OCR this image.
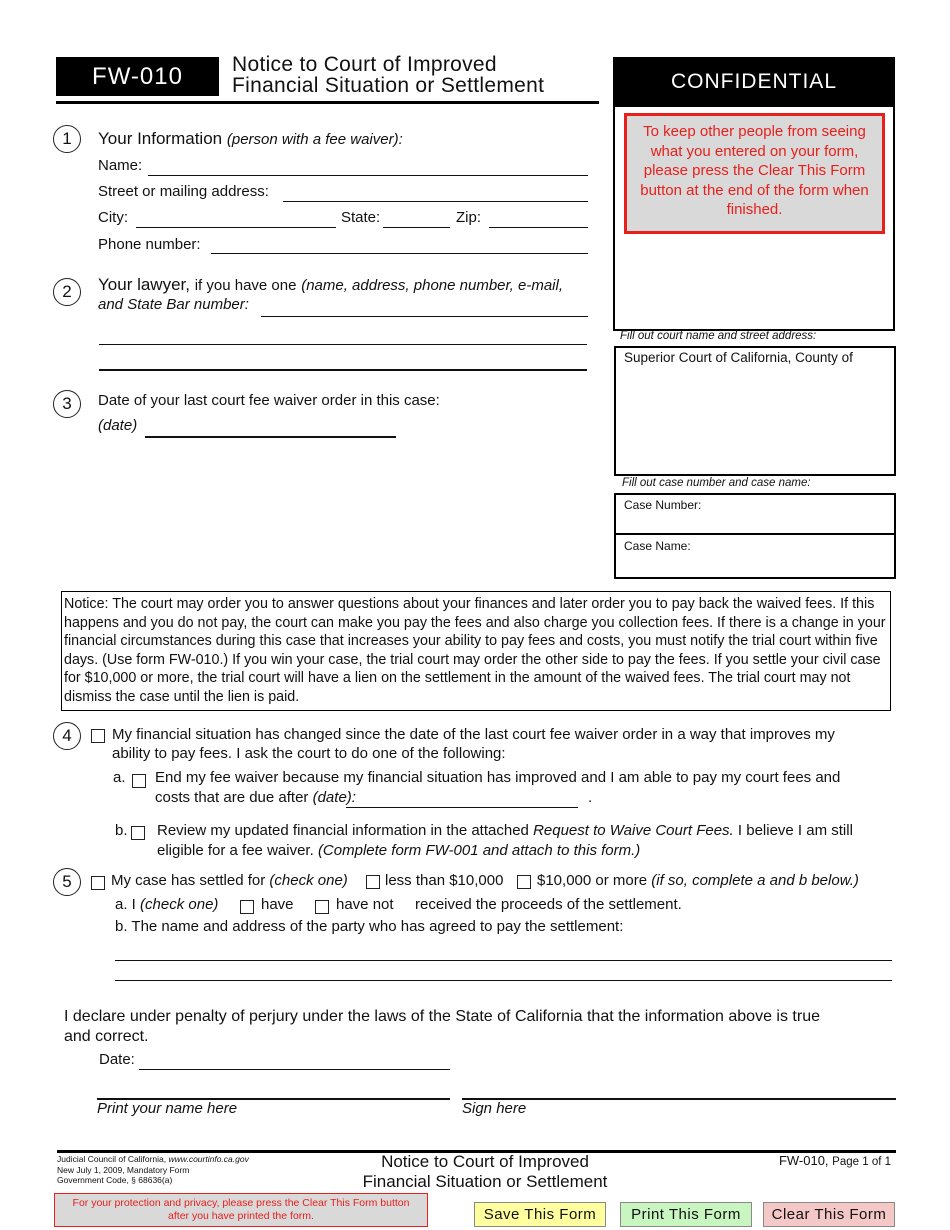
FW-010	Notice to Court of Improved
Financial Situation or Settlement	CONFIDENTIAL
To keep other people from seeing what you entered on your form, please press the Clear This Form button at the end of the form when finished.
Fill out court name and street address:
Superior Court of California, County of
Fill out case number and case name:
Case Number:
Case Name:
1	Your Information (person with a fee waiver):
Name:
Street or mailing address:
City:	State:	Zip:
Phone number:
2	Your lawyer, if you have one (name, address, phone number, e-mail,
and State Bar number:
3	Date of your last court fee waiver order in this case:
(date)
Notice: The court may order you to answer questions about your finances and later order you to pay back the waived fees. If this happens and you do not pay, the court can make you pay the fees and also charge you collection fees. If there is a change in your financial circumstances during this case that increases your ability to pay fees and costs, you must notify the trial court within five days. (Use form FW-010.) If you win your case, the trial court may order the other side to pay the fees. If you settle your civil case for $10,000 or more, the trial court will have a lien on the settlement in the amount of the waived fees. The trial court may not dismiss the case until the lien is paid.
4	My financial situation has changed since the date of the last court fee waiver order in a way that improves my
ability to pay fees. I ask the court to do one of the following:
a. End my fee waiver because my financial situation has improved and I am able to pay my court fees and
costs that are due after (date):	.
b. Review my updated financial information in the attached Request to Waive Court Fees. I believe I am still
eligible for a fee waiver. (Complete form FW-001 and attach to this form.)
5	My case has settled for (check one) less than $10,000 $10,000 or more (if so, complete a and b below.)
a. I (check one)	have	have not received the proceeds of the settlement.
b. The name and address of the party who has agreed to pay the settlement:
I declare under penalty of perjury under the laws of the State of California that the information above is true
and correct.
Date:
Print your name here	Sign here
Judicial Council of California, www.courtinfo.ca.gov
New July 1, 2009, Mandatory Form
Government Code, § 68636(a)
Notice to Court of Improved
Financial Situation or Settlement
FW-010, Page 1 of 1
For your protection and privacy, please press the Clear This Form button after you have printed the form.	Save This Form	Print This Form	Clear This Form
